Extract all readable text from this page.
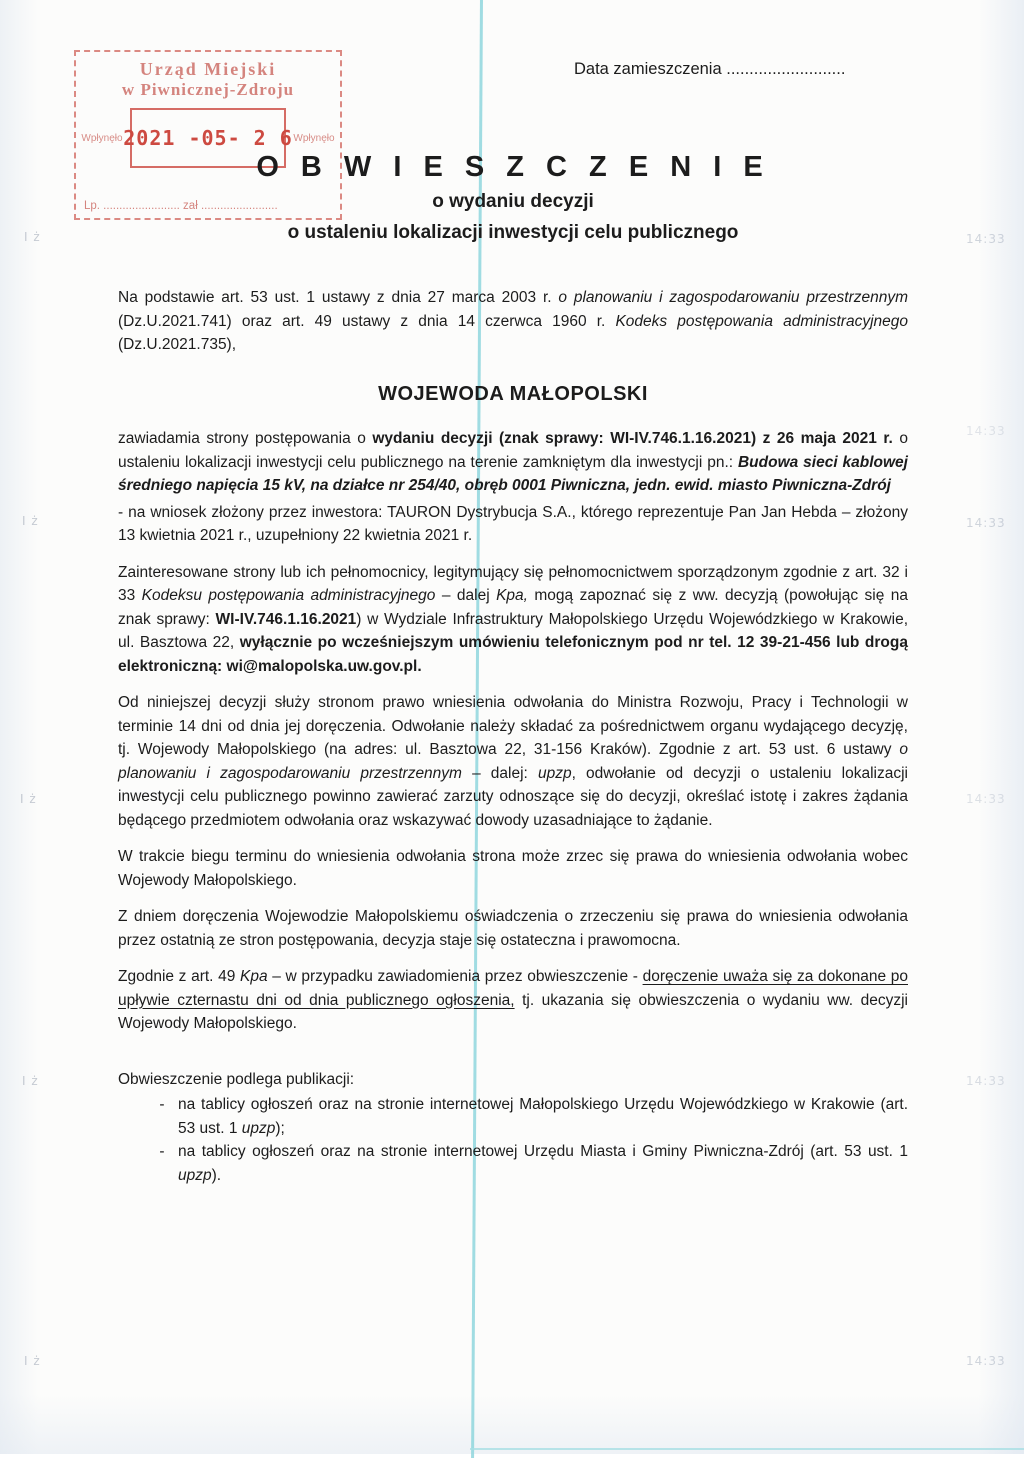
I ż
I ż
I ż
I ż
I ż
14:33
14:33
14:33
14:33
14:33
14:33
Urząd Miejski
w Piwnicznej-Zdroju
Wpłynęło 2021 -05- 2 6 Wpłynęło
Lp. ........................ zał ........................
Data zamieszczenia ..........................
O B W I E S Z C Z E N I E
o wydaniu decyzji
o ustaleniu lokalizacji inwestycji celu publicznego

Na podstawie art. 53 ust. 1 ustawy z dnia 27 marca 2003 r. o planowaniu i zagospodarowaniu przestrzennym (Dz.U.2021.741) oraz art. 49 ustawy z dnia 14 czerwca 1960 r. Kodeks postępowania administracyjnego (Dz.U.2021.735),

WOJEWODA MAŁOPOLSKI

zawiadamia strony postępowania o wydaniu decyzji (znak sprawy: WI-IV.746.1.16.2021) z 26 maja 2021 r. o ustaleniu lokalizacji inwestycji celu publicznego na terenie zamkniętym dla inwestycji pn.: Budowa sieci kablowej średniego napięcia 15 kV, na działce nr 254/40, obręb 0001 Piwniczna, jedn. ewid. miasto Piwniczna-Zdrój

- na wniosek złożony przez inwestora: TAURON Dystrybucja S.A., którego reprezentuje Pan Jan Hebda – złożony 13 kwietnia 2021 r., uzupełniony 22 kwietnia 2021 r.

Zainteresowane strony lub ich pełnomocnicy, legitymujący się pełnomocnictwem sporządzonym zgodnie z art. 32 i 33 Kodeksu postępowania administracyjnego – dalej Kpa, mogą zapoznać się z ww. decyzją (powołując się na znak sprawy: WI-IV.746.1.16.2021) w Wydziale Infrastruktury Małopolskiego Urzędu Wojewódzkiego w Krakowie, ul. Basztowa 22, wyłącznie po wcześniejszym umówieniu telefonicznym pod nr tel. 12 39-21-456 lub drogą elektroniczną: wi@malopolska.uw.gov.pl.

Od niniejszej decyzji służy stronom prawo wniesienia odwołania do Ministra Rozwoju, Pracy i Technologii w terminie 14 dni od dnia jej doręczenia. Odwołanie należy składać za pośrednictwem organu wydającego decyzję, tj. Wojewody Małopolskiego (na adres: ul. Basztowa 22, 31-156 Kraków). Zgodnie z art. 53 ust. 6 ustawy o planowaniu i zagospodarowaniu przestrzennym – dalej: upzp, odwołanie od decyzji o ustaleniu lokalizacji inwestycji celu publicznego powinno zawierać zarzuty odnoszące się do decyzji, określać istotę i zakres żądania będącego przedmiotem odwołania oraz wskazywać dowody uzasadniające to żądanie.

W trakcie biegu terminu do wniesienia odwołania strona może zrzec się prawa do wniesienia odwołania wobec Wojewody Małopolskiego.

Z dniem doręczenia Wojewodzie Małopolskiemu oświadczenia o zrzeczeniu się prawa do wniesienia odwołania przez ostatnią ze stron postępowania, decyzja staje się ostateczna i prawomocna.

Zgodnie z art. 49 Kpa – w przypadku zawiadomienia przez obwieszczenie - doręczenie uważa się za dokonane po upływie czternastu dni od dnia publicznego ogłoszenia, tj. ukazania się obwieszczenia o wydaniu ww. decyzji Wojewody Małopolskiego.

Obwieszczenie podlega publikacji:

- na tablicy ogłoszeń oraz na stronie internetowej Małopolskiego Urzędu Wojewódzkiego w Krakowie (art. 53 ust. 1 upzp);
- na tablicy ogłoszeń oraz na stronie internetowej Urzędu Miasta i Gminy Piwniczna-Zdrój (art. 53 ust. 1 upzp).
